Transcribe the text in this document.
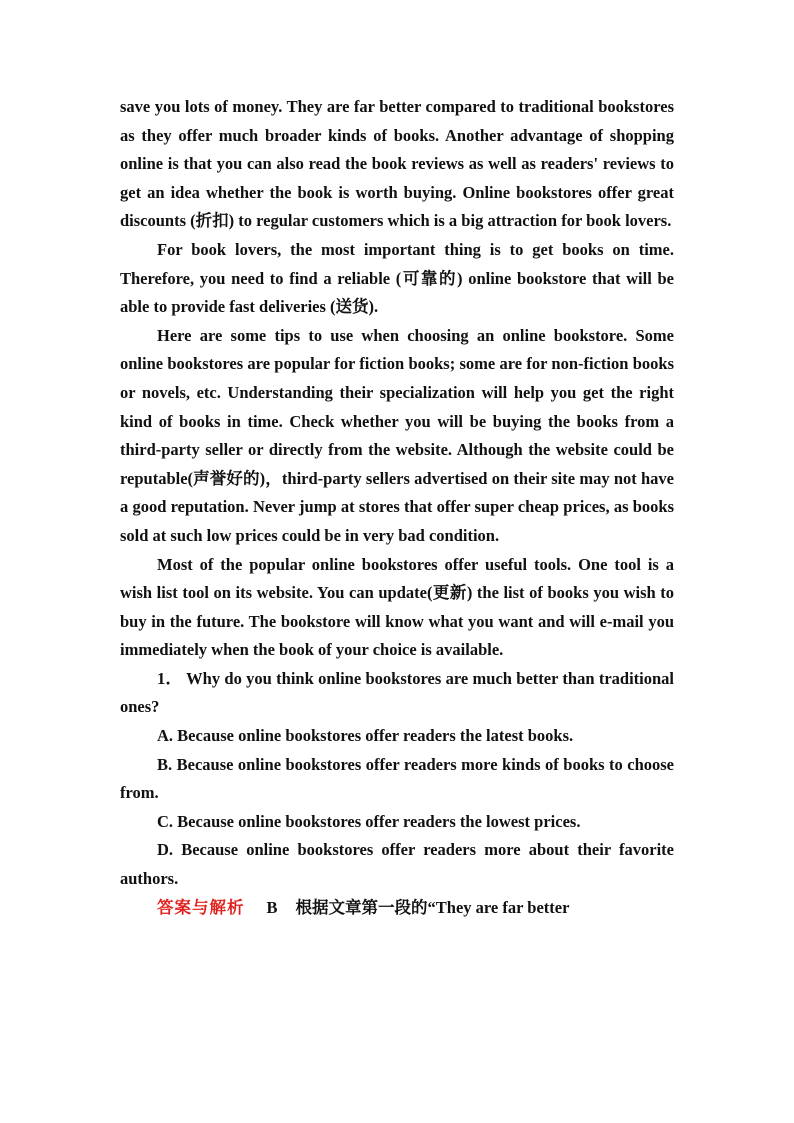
save you lots of money. They are far better compared to traditional bookstores as they offer much broader kinds of books. Another advantage of shopping online is that you can also read the book reviews as well as readers' reviews to get an idea whether the book is worth buying. Online bookstores offer great discounts (折扣) to regular customers which is a big attraction for book lovers.

For book lovers, the most important thing is to get books on time. Therefore, you need to find a reliable (可靠的) online bookstore that will be able to provide fast deliveries (送货).

Here are some tips to use when choosing an online bookstore. Some online bookstores are popular for fiction books; some are for non-fiction books or novels, etc. Understanding their specialization will help you get the right kind of books in time. Check whether you will be buying the books from a third-party seller or directly from the website. Although the website could be reputable(声誉好的)，third-party sellers advertised on their site may not have a good reputation. Never jump at stores that offer super cheap prices, as books sold at such low prices could be in very bad condition.

Most of the popular online bookstores offer useful tools. One tool is a wish list tool on its website. You can update(更新) the list of books you wish to buy in the future. The bookstore will know what you want and will e-mail you immediately when the book of your choice is available.

1． Why do you think online bookstores are much better than traditional ones?

A. Because online bookstores offer readers the latest books.

B. Because online bookstores offer readers more kinds of books to choose from.

C. Because online bookstores offer readers the lowest prices.

D. Because online bookstores offer readers more about their favorite authors.

答案与解析 B 根据文章第一段的“They are far better
